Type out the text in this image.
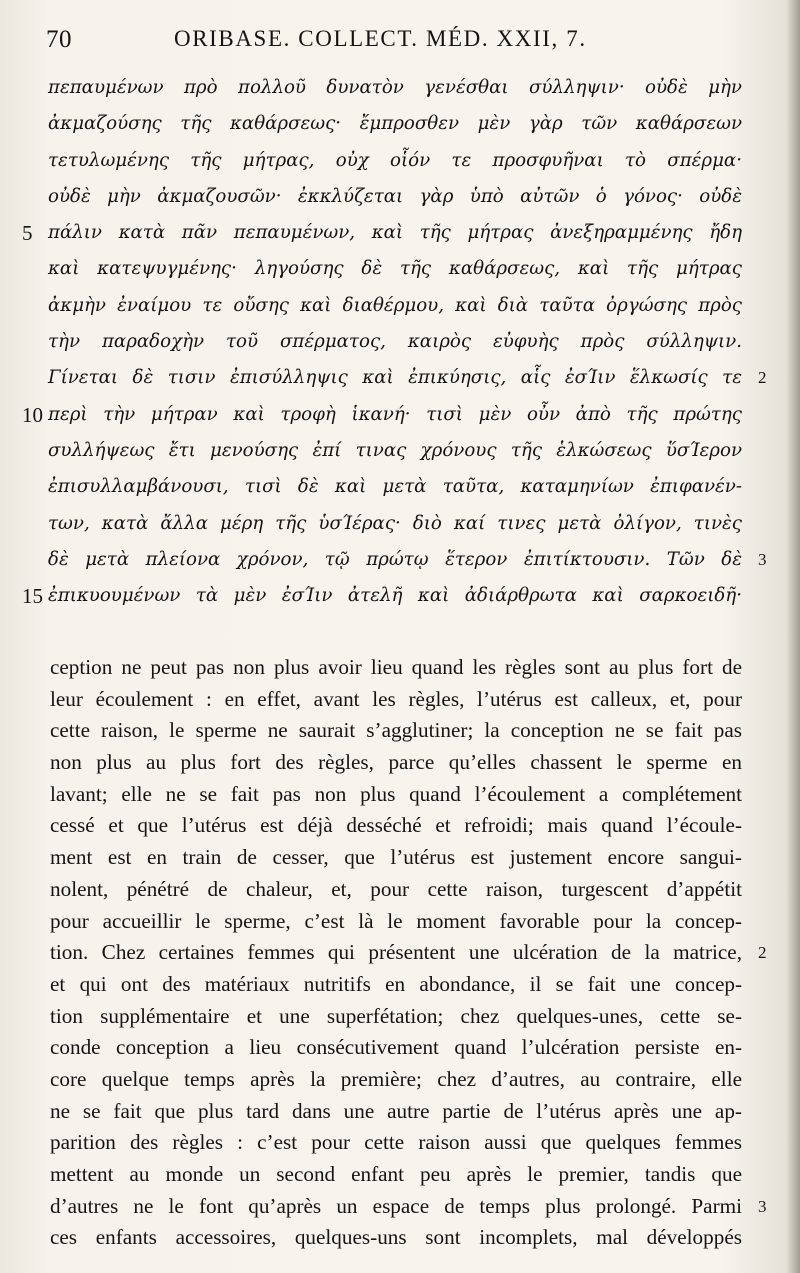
70	ORIBASE. COLLECT. MÉD. XXII, 7.
πεπαυμένων πρὸ πολλοῦ δυνατὸν γενέσθαι σύλληψιν· οὐδὲ μὴν
ἀκμαζούσης τῆς καθάρσεως· ἔμπροσθεν μὲν γὰρ τῶν καθάρσεων
τετυλωμένης τῆς μήτρας, οὐχ οἷόν τε προσφυῆναι τὸ σπέρμα·
οὐδὲ μὴν ἀκμαζουσῶν· ἐκκλύζεται γὰρ ὑπὸ αὐτῶν ὁ γόνος· οὐδὲ
5 πάλιν κατὰ πᾶν πεπαυμένων, καὶ τῆς μήτρας ἀνεξηραμμένης ἤδη
καὶ κατεψυγμένης· ληγούσης δὲ τῆς καθάρσεως, καὶ τῆς μήτρας
ἀκμὴν ἐναίμου τε οὔσης καὶ διαθέρμου, καὶ διὰ ταῦτα ὀργώσης πρὸς
τὴν παραδοχὴν τοῦ σπέρματος, καιρὸς εὐφυὴς πρὸς σύλληψιν.
Γίνεται δὲ τισιν ἐπισύλληψις καὶ ἐπικύησις, αἷς ἐσΊιν ἕλκωσίς τε 2
10 περὶ τὴν μήτραν καὶ τροφὴ ἱκανή· τισὶ μὲν οὖν ἀπὸ τῆς πρώτης
συλλήψεως ἔτι μενούσης ἐπί τινας χρόνους τῆς ἑλκώσεως ὕσΊερον
ἐπισυλλαμβάνουσι, τισὶ δὲ καὶ μετὰ ταῦτα, καταμηνίων ἐπιφανέν-
των, κατὰ ἄλλα μέρη τῆς ὑσΊέρας· διὸ καί τινες μετὰ ὀλίγον, τινὲς
δὲ μετὰ πλείονα χρόνον, τῷ πρώτῳ ἕτερον ἐπιτίκτουσιν. Τῶν δὲ 3
15 ἐπικυουμένων τὰ μὲν ἐσΊιν ἀτελῆ καὶ ἀδιάρθρωτα καὶ σαρκοειδῆ·
ception ne peut pas non plus avoir lieu quand les règles sont au plus fort de
leur écoulement : en effet, avant les règles, l’utérus est calleux, et, pour
cette raison, le sperme ne saurait s’agglutiner; la conception ne se fait pas
non plus au plus fort des règles, parce qu’elles chassent le sperme en
lavant; elle ne se fait pas non plus quand l’écoulement a complétement
cessé et que l’utérus est déjà desséché et refroidi; mais quand l’écoule-
ment est en train de cesser, que l’utérus est justement encore sangui-
nolent, pénétré de chaleur, et, pour cette raison, turgescent d’appétit
pour accueillir le sperme, c’est là le moment favorable pour la concep-
tion. Chez certaines femmes qui présentent une ulcération de la matrice, 2
et qui ont des matériaux nutritifs en abondance, il se fait une concep-
tion supplémentaire et une superfétation; chez quelques-unes, cette se-
conde conception a lieu consécutivement quand l’ulcération persiste en-
core quelque temps après la première; chez d’autres, au contraire, elle
ne se fait que plus tard dans une autre partie de l’utérus après une ap-
parition des règles : c’est pour cette raison aussi que quelques femmes
mettent au monde un second enfant peu après le premier, tandis que
d’autres ne le font qu’après un espace de temps plus prolongé. Parmi 3
ces enfants accessoires, quelques-uns sont incomplets, mal développés
